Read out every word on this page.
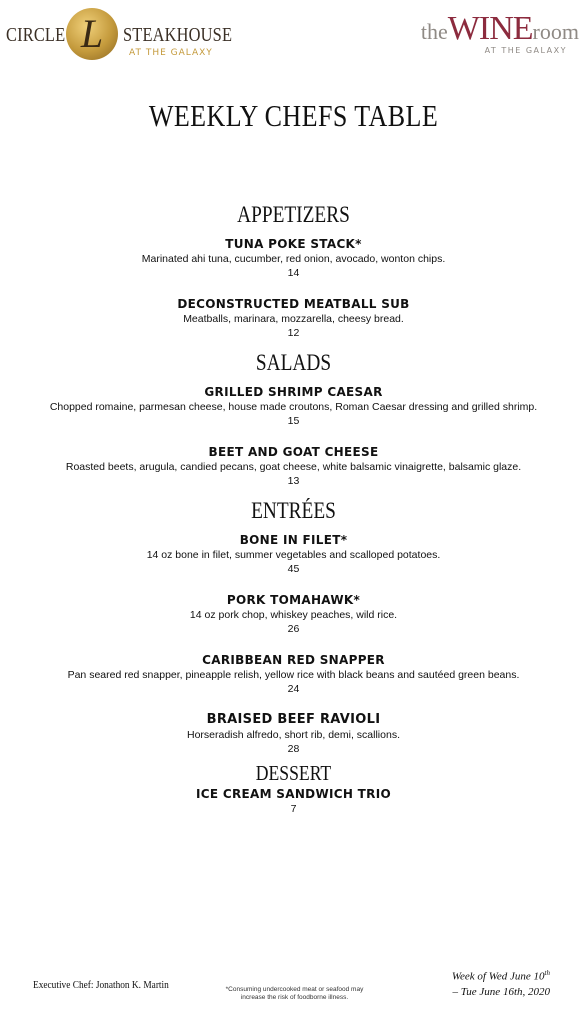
CIRCLE L STEAKHOUSE
AT THE GALAXY
theWINEroom
AT THE GALAXY
WEEKLY CHEFS TABLE
APPETIZERS
TUNA POKE STACK*
Marinated ahi tuna, cucumber, red onion, avocado, wonton chips.
14
DECONSTRUCTED MEATBALL SUB
Meatballs, marinara, mozzarella, cheesy bread.
12
SALADS
GRILLED SHRIMP CAESAR
Chopped romaine, parmesan cheese, house made croutons, Roman Caesar dressing and grilled shrimp.
15
BEET AND GOAT CHEESE
Roasted beets, arugula, candied pecans, goat cheese, white balsamic vinaigrette, balsamic glaze.
13
ENTRÉES
BONE IN FILET*
14 oz bone in filet, summer vegetables and scalloped potatoes.
45
PORK TOMAHAWK*
14 oz pork chop, whiskey peaches, wild rice.
26
CARIBBEAN RED SNAPPER
Pan seared red snapper, pineapple relish, yellow rice with black beans and sautéed green beans.
24
BRAISED BEEF RAVIOLI
Horseradish alfredo, short rib, demi, scallions.
28
DESSERT
ICE CREAM SANDWICH TRIO
7
Executive Chef: Jonathon K. Martin	*Consuming undercooked meat or seafood may increase the risk of foodborne illness.
Week of Wed June 10th
– Tue June 16th, 2020
